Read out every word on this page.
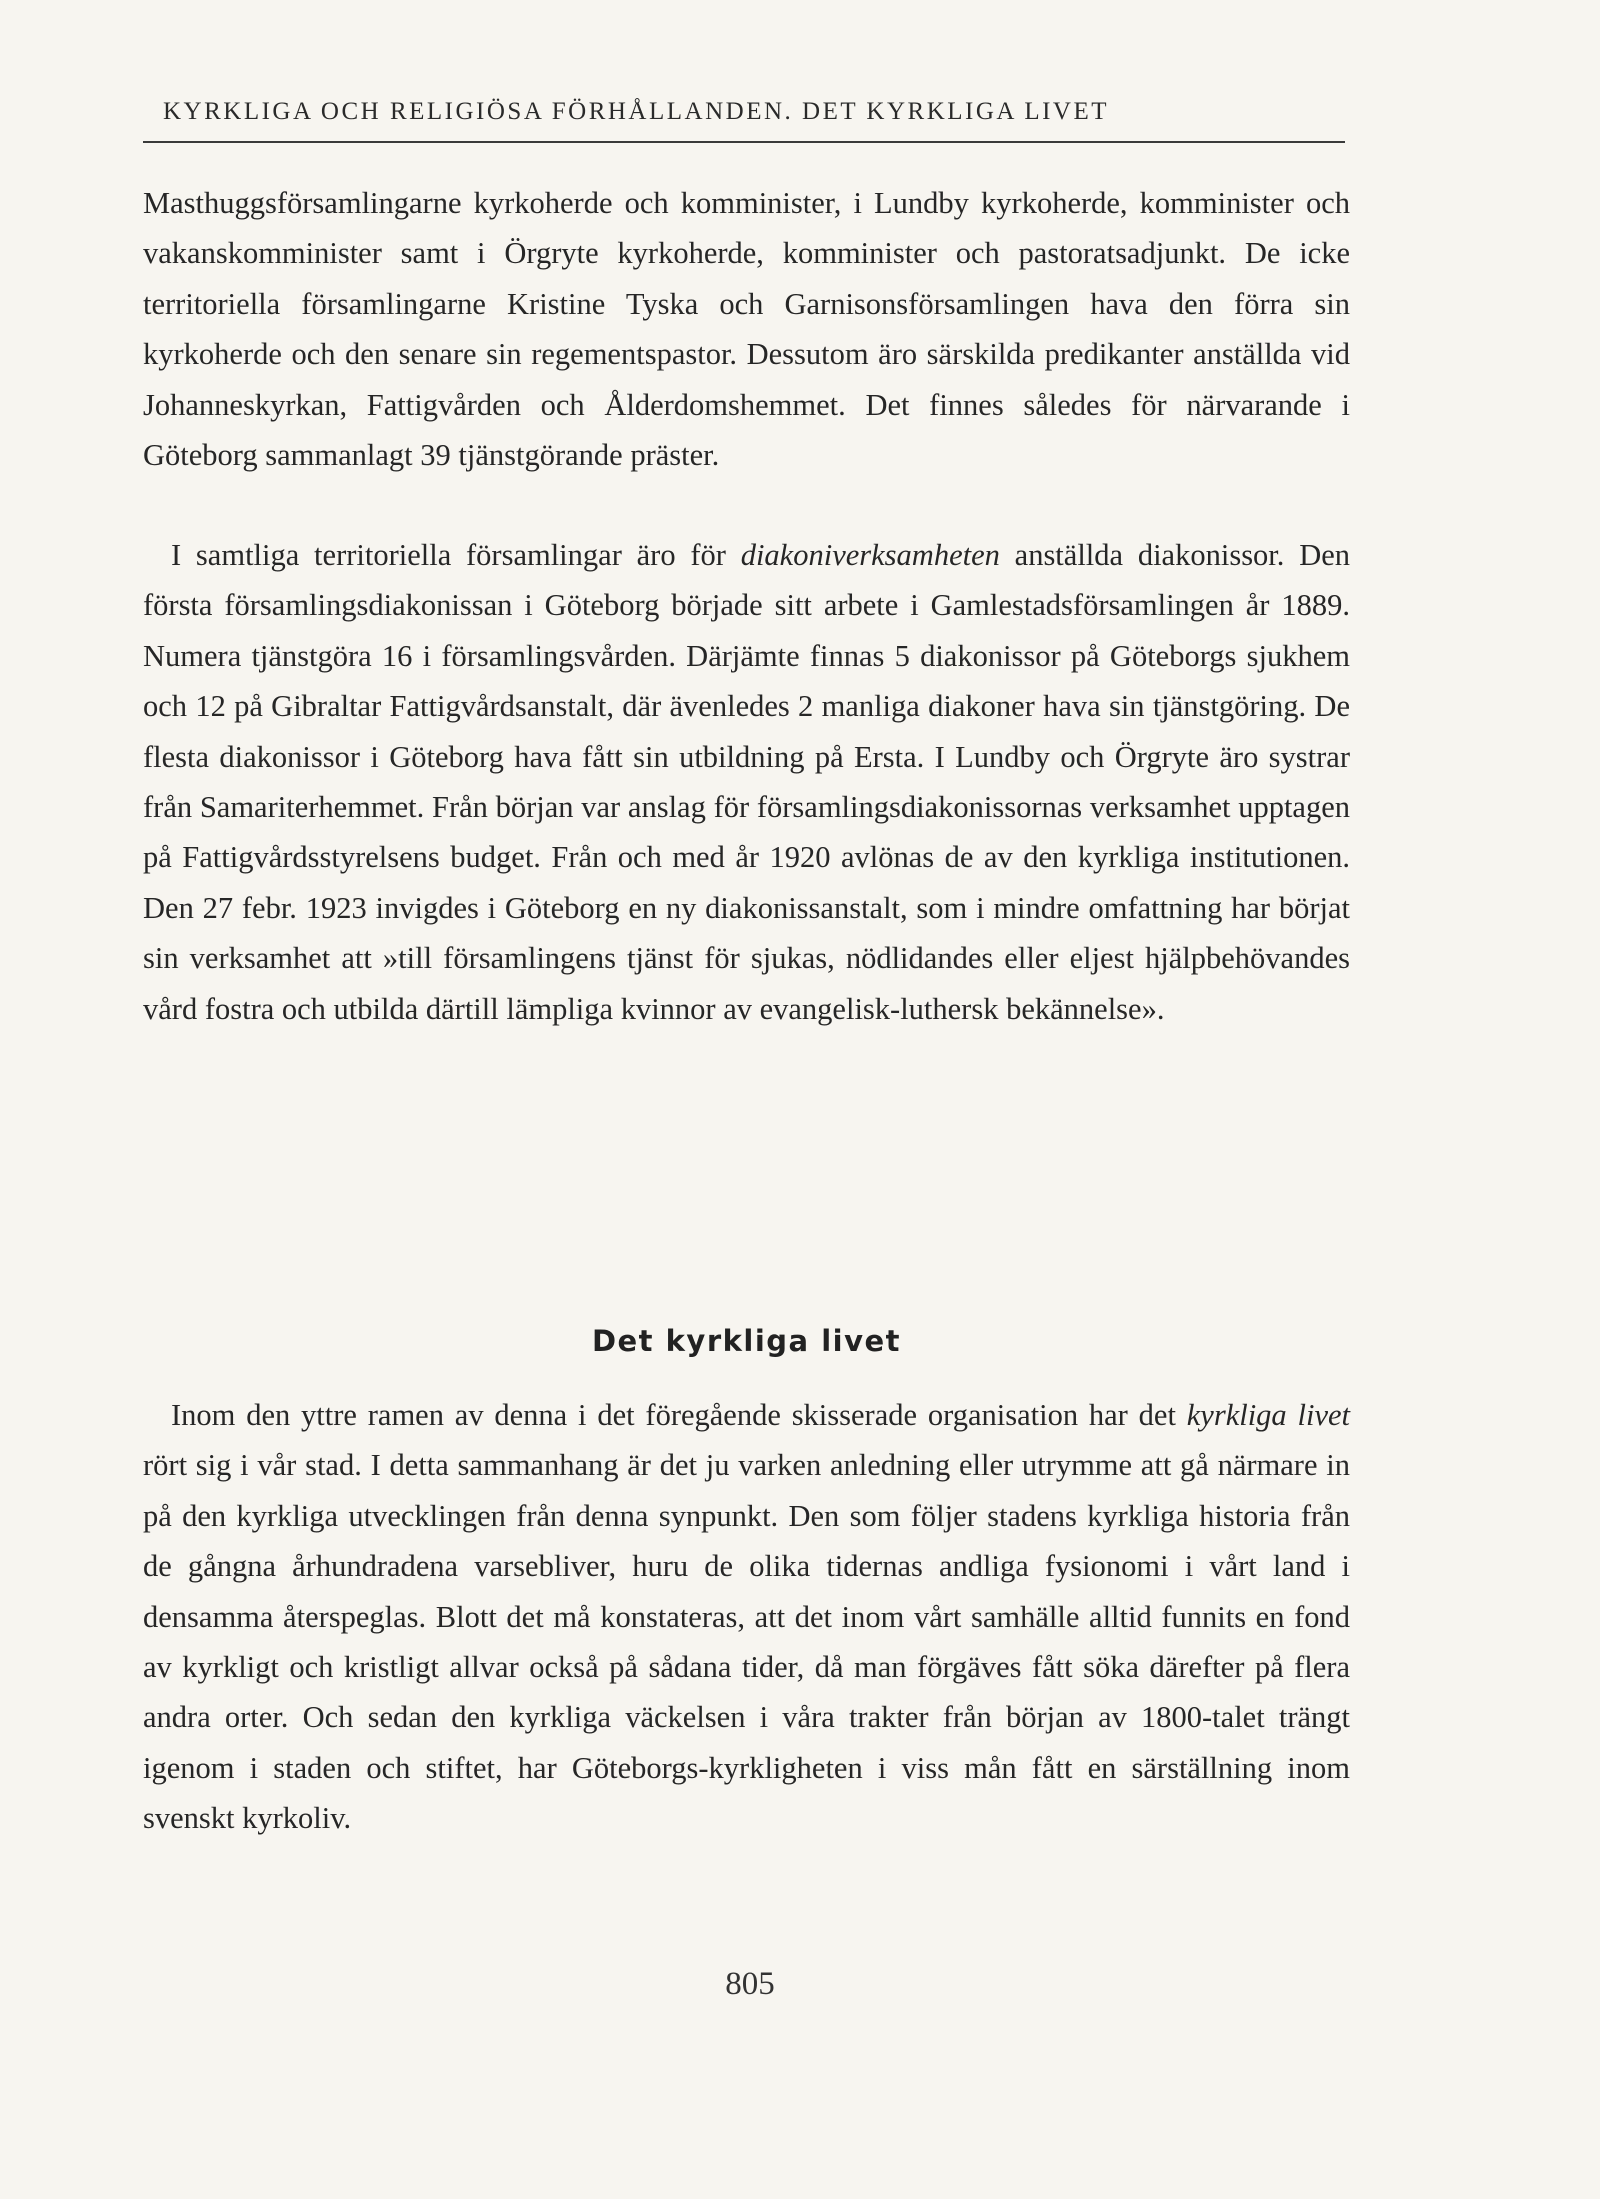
KYRKLIGA OCH RELIGIÖSA FÖRHÅLLANDEN. DET KYRKLIGA LIVET

Masthuggsförsamlingarne kyrkoherde och komminister, i Lundby kyrkoherde, komminister och vakanskomminister samt i Örgryte kyrkoherde, komminister och pastoratsadjunkt. De icke territoriella församlingarne Kristine Tyska och Garnisonsförsamlingen hava den förra sin kyrkoherde och den senare sin regementspastor. Dessutom äro särskilda predikanter anställda vid Johanneskyrkan, Fattigvården och Ålderdomshemmet. Det finnes således för närvarande i Göteborg sammanlagt 39 tjänstgörande präster.

I samtliga territoriella församlingar äro för diakoniverksamheten anställda diakonissor. Den första församlingsdiakonissan i Göteborg började sitt arbete i Gamlestadsförsamlingen år 1889. Numera tjänstgöra 16 i församlingsvården. Därjämte finnas 5 diakonissor på Göteborgs sjukhem och 12 på Gibraltar Fattigvårdsanstalt, där ävenledes 2 manliga diakoner hava sin tjänstgöring. De flesta diakonissor i Göteborg hava fått sin utbildning på Ersta. I Lundby och Örgryte äro systrar från Samariterhemmet. Från början var anslag för församlingsdiakonissornas verksamhet upptagen på Fattigvårdsstyrelsens budget. Från och med år 1920 avlönas de av den kyrkliga institutionen. Den 27 febr. 1923 invigdes i Göteborg en ny diakonissanstalt, som i mindre omfattning har börjat sin verksamhet att »till församlingens tjänst för sjukas, nödlidandes eller eljest hjälpbehövandes vård fostra och utbilda därtill lämpliga kvinnor av evangelisk-luthersk bekännelse».

Det kyrkliga livet

Inom den yttre ramen av denna i det föregående skisserade organisation har det kyrkliga livet rört sig i vår stad. I detta sammanhang är det ju varken anledning eller utrymme att gå närmare in på den kyrkliga utvecklingen från denna synpunkt. Den som följer stadens kyrkliga historia från de gångna århundradena varsebliver, huru de olika tidernas andliga fysionomi i vårt land i densamma återspeglas. Blott det må konstateras, att det inom vårt samhälle alltid funnits en fond av kyrkligt och kristligt allvar också på sådana tider, då man förgäves fått söka därefter på flera andra orter. Och sedan den kyrkliga väckelsen i våra trakter från början av 1800-talet trängt igenom i staden och stiftet, har Göteborgs-kyrkligheten i viss mån fått en särställning inom svenskt kyrkoliv.

805
